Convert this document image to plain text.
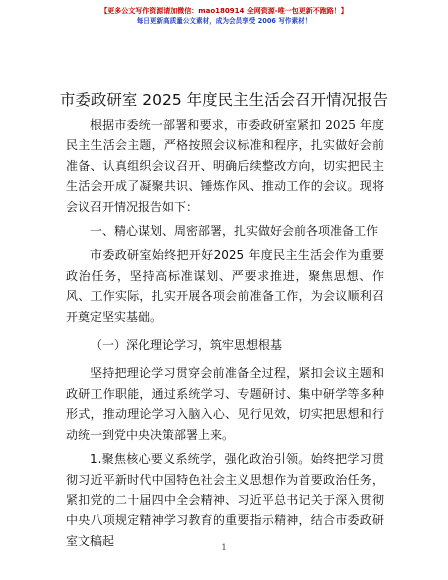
【更多公文写作资源请加微信：mao180914 全网资源-唯一包更新不跑路！】
每日更新高质量公文素材，成为会员享受 2006 写作素材！
市委政研室 2025 年度民主生活会召开情况报告

根据市委统一部署和要求，市委政研室紧扣 2025 年度民主生活会主题，严格按照会议标准和程序，扎实做好会前准备、认真组织会议召开、明确后续整改方向，切实把民主生活会开成了凝聚共识、锤炼作风、推动工作的会议。现将会议召开情况报告如下：

一、精心谋划、周密部署，扎实做好会前各项准备工作

市委政研室始终把开好2025 年度民主生活会作为重要政治任务，坚持高标准谋划、严要求推进，聚焦思想、作风、工作实际，扎实开展各项会前准备工作，为会议顺利召开奠定坚实基础。

（一）深化理论学习，筑牢思想根基

坚持把理论学习贯穿会前准备全过程，紧扣会议主题和政研工作职能，通过系统学习、专题研讨、集中研学等多种形式，推动理论学习入脑入心、见行见效，切实把思想和行动统一到党中央决策部署上来。

1.聚焦核心要义系统学，强化政治引领。始终把学习贯彻习近平新时代中国特色社会主义思想作为首要政治任务，紧扣党的二十届四中全会精神、习近平总书记关于深入贯彻中央八项规定精神学习教育的重要指示精神，结合市委政研室文稿起	1
